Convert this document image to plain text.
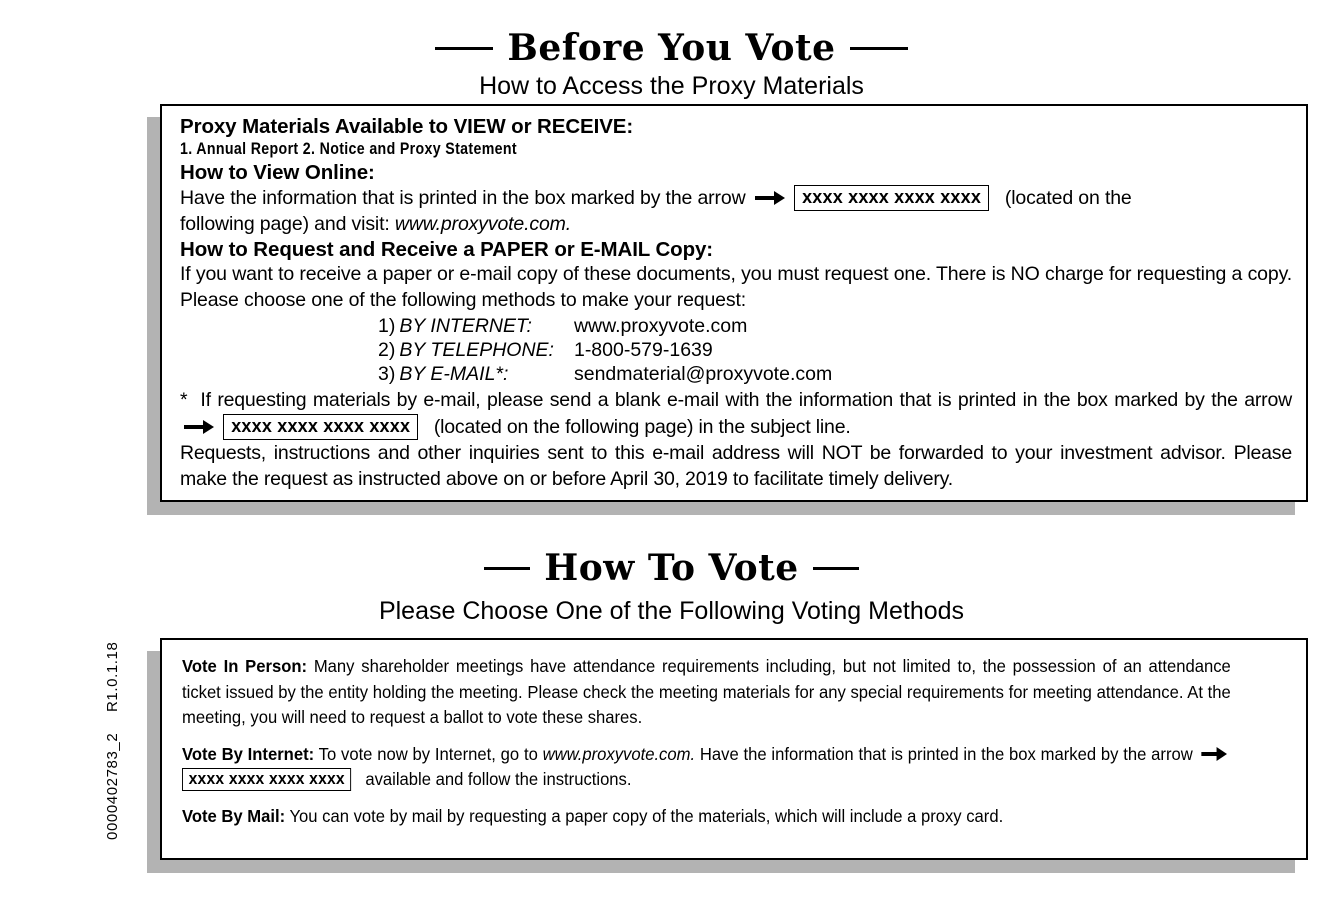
Before You Vote
How to Access the Proxy Materials
Proxy Materials Available to VIEW or RECEIVE:
1. Annual Report 2. Notice and Proxy Statement
How to View Online:
Have the information that is printed in the box marked by the arrow	xxxx xxxx xxxx xxxx (located on the
following page) and visit: www.proxyvote.com.
How to Request and Receive a PAPER or E-MAIL Copy:
If you want to receive a paper or e-mail copy of these documents, you must request one. There is NO charge for requesting a copy. Please choose one of the following methods to make your request:
1)	BY INTERNET:	www.proxyvote.com
2)	BY TELEPHONE:	1-800-579-1639
3)	BY E-MAIL*:	sendmaterial@proxyvote.com
* If requesting materials by e-mail, please send a blank e-mail with the information that is printed in the box marked by the arrow  xxxx xxxx xxxx xxxx (located on the following page) in the subject line.
Requests, instructions and other inquiries sent to this e-mail address will NOT be forwarded to your investment advisor. Please make the request as instructed above on or before April 30, 2019 to facilitate timely delivery.
How To Vote
Please Choose One of the Following Voting Methods
Vote In Person: Many shareholder meetings have attendance requirements including, but not limited to, the possession of an attendance ticket issued by the entity holding the meeting. Please check the meeting materials for any special requirements for meeting attendance. At the meeting, you will need to request a ballot to vote these shares.
Vote By Internet: To vote now by Internet, go to www.proxyvote.com. Have the information that is printed in the box marked by the arrow  xxxx xxxx xxxx xxxx available and follow the instructions.
Vote By Mail: You can vote by mail by requesting a paper copy of the materials, which will include a proxy card.
0000402783_2
R1.0.1.18
